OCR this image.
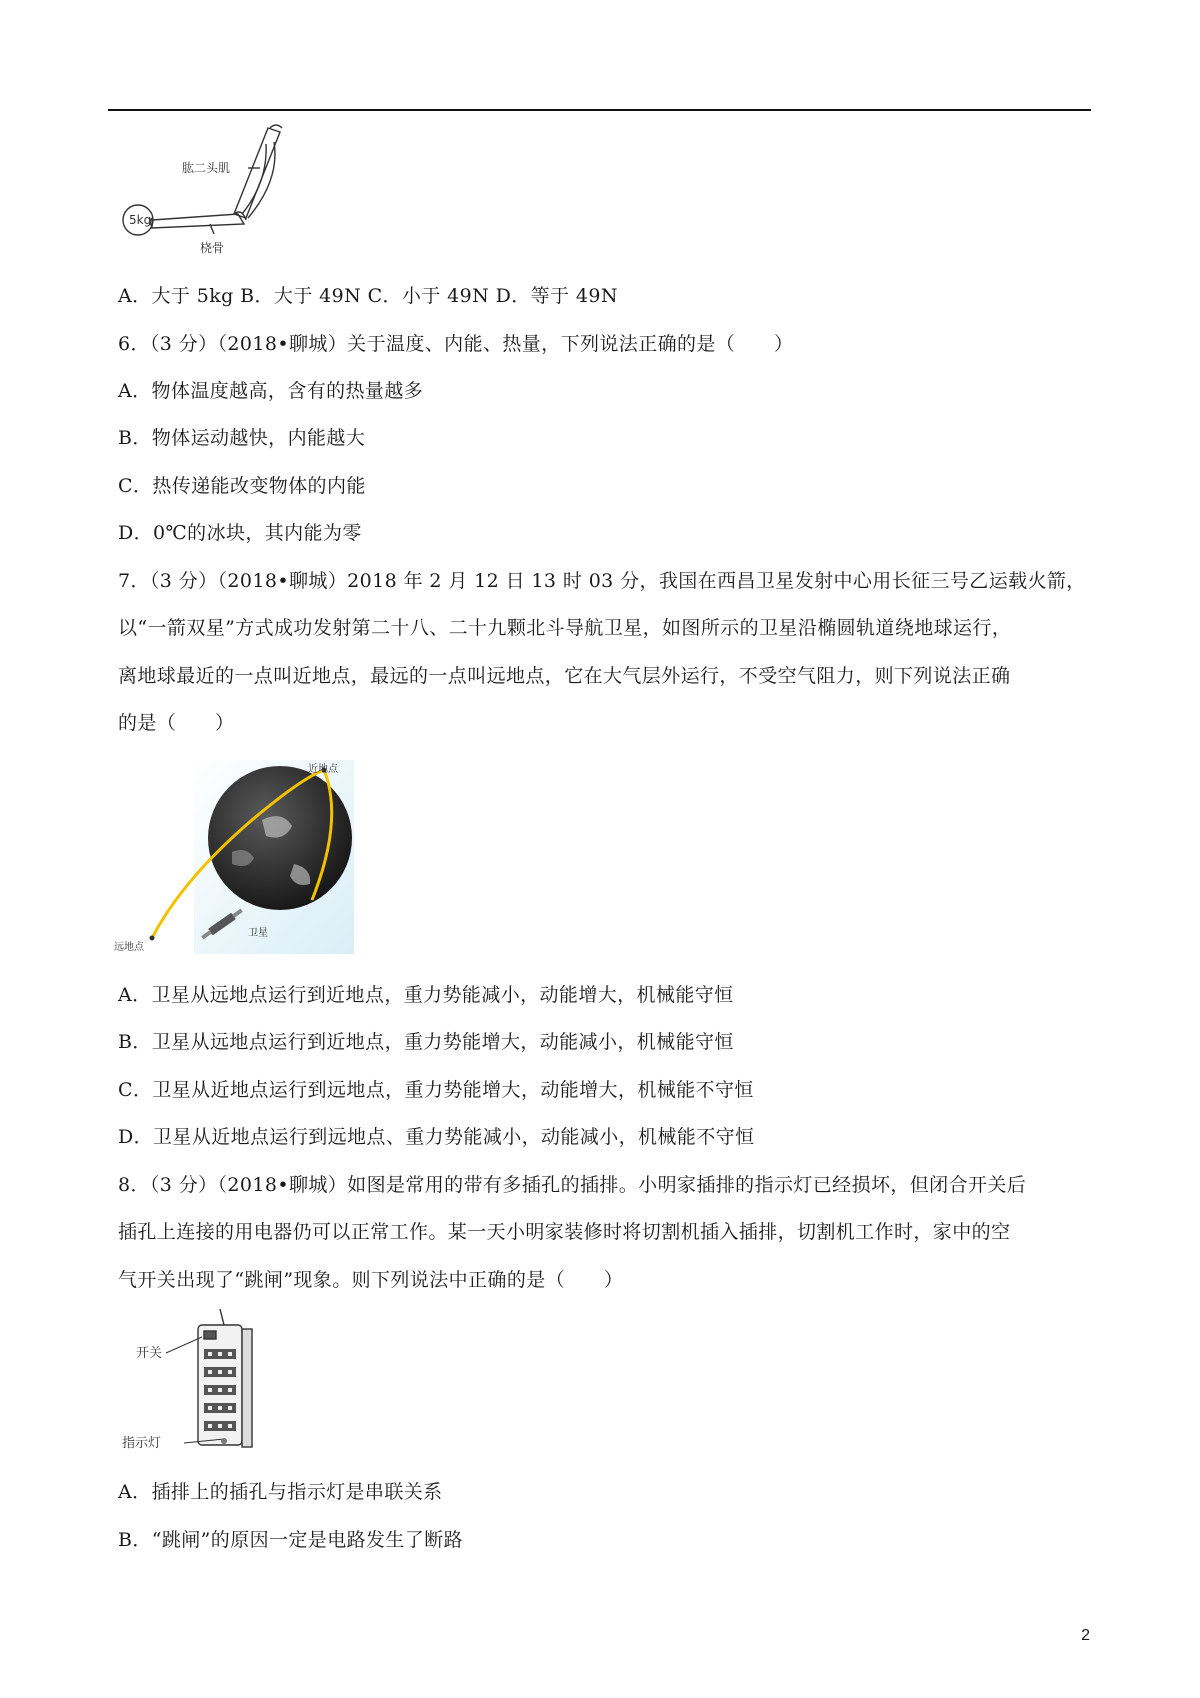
5kg
肱二头肌
桡骨
A．大于 5kg B．大于 49N C．小于 49N D．等于 49N
6．（3 分）（2018•聊城）关于温度、内能、热量，下列说法正确的是（　　）
A．物体温度越高，含有的热量越多
B．物体运动越快，内能越大
C．热传递能改变物体的内能
D．0℃的冰块，其内能为零
7．（3 分）（2018•聊城）2018 年 2 月 12 日 13 时 03 分，我国在西昌卫星发射中心用长征三号乙运载火箭，
以“一箭双星”方式成功发射第二十八、二十九颗北斗导航卫星，如图所示的卫星沿椭圆轨道绕地球运行，
离地球最近的一点叫近地点，最远的一点叫远地点，它在大气层外运行，不受空气阻力，则下列说法正确
的是（　　）
近地点
远地点
卫星
A．卫星从远地点运行到近地点，重力势能减小，动能增大，机械能守恒
B．卫星从远地点运行到近地点，重力势能增大，动能减小，机械能守恒
C．卫星从近地点运行到远地点，重力势能增大，动能增大，机械能不守恒
D．卫星从近地点运行到远地点、重力势能减小，动能减小，机械能不守恒
8．（3 分）（2018•聊城）如图是常用的带有多插孔的插排。小明家插排的指示灯已经损坏，但闭合开关后
插孔上连接的用电器仍可以正常工作。某一天小明家装修时将切割机插入插排，切割机工作时，家中的空
气开关出现了“跳闸”现象。则下列说法中正确的是（　　）
开关
指示灯
A．插排上的插孔与指示灯是串联关系
B．“跳闸”的原因一定是电路发生了断路
2
